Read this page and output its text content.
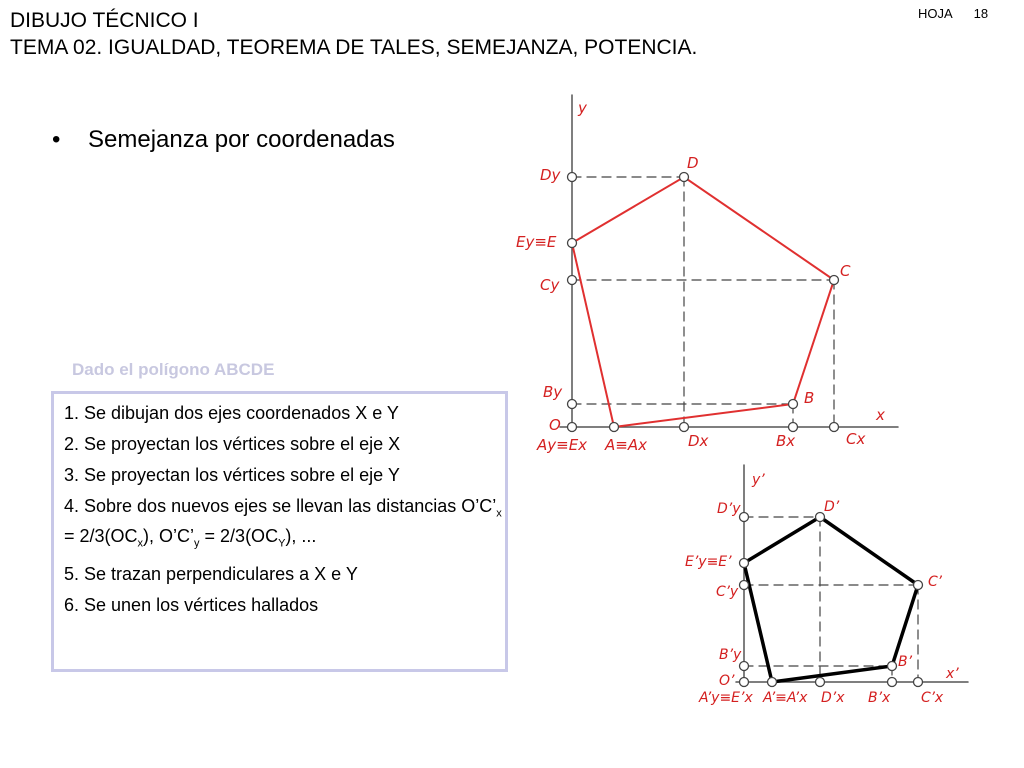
DIBUJO TÉCNICO I
TEMA 02. IGUALDAD, TEOREMA DE TALES, SEMEJANZA, POTENCIA.
HOJA 18
• Semejanza por coordenadas
Dado el polígono ABCDE
1. Se dibujan dos ejes coordenados X e Y
2. Se proyectan los vértices sobre el eje X
3. Se proyectan los vértices sobre el eje Y
4. Sobre dos nuevos ejes se llevan las distancias $O’C’_x = 2/3(OC_x)$, $O’C’_y = 2/3(OC_Y)$, ...
5. Se trazan perpendiculares a X e Y
6. Se unen los vértices hallados
y
x
O
D
C
B
Dy
Ey≡E
Cy
By
Ay≡Ex A≡Ax	Dx	Bx	Cx
y’
x’
O’
D’
C’
B’
D’y
E’y≡E’
C’y
B’y
A’y≡E’x A’≡A’x D’x B’x C’x
